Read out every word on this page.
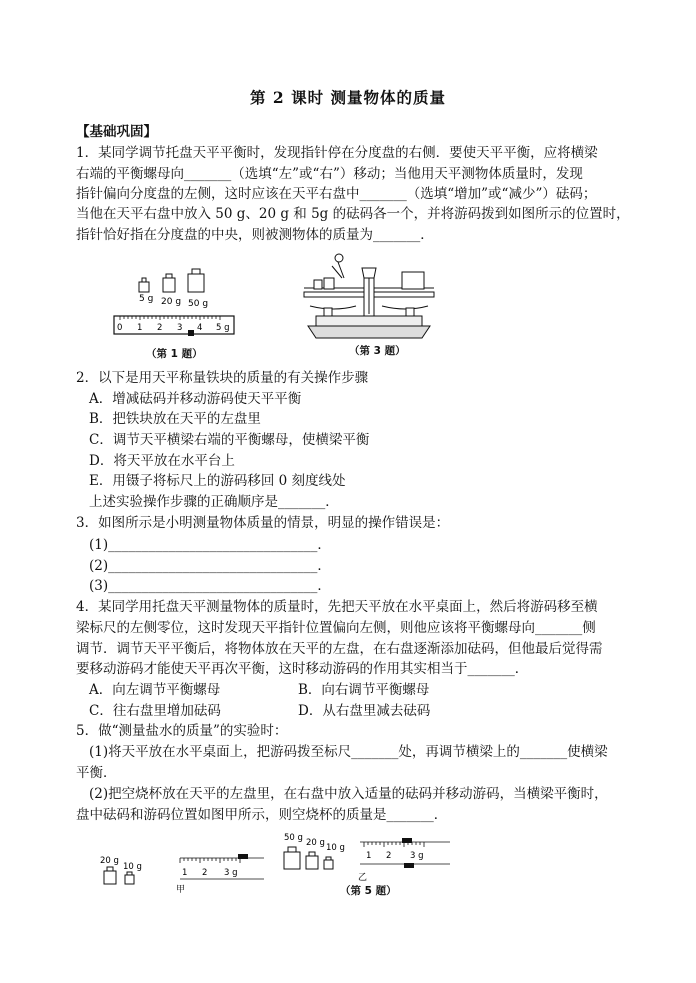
第 2 课时 测量物体的质量
【基础巩固】
1．某同学调节托盘天平平衡时，发现指针停在分度盘的右侧．要使天平平衡，应将横梁
右端的平衡螺母向_______（选填“左”或“右”）移动；当他用天平测物体质量时，发现
指针偏向分度盘的左侧，这时应该在天平右盘中_______（选填“增加”或“减少”）砝码；
当他在天平右盘中放入 50 g、20 g 和 5g 的砝码各一个，并将游码拨到如图所示的位置时，
指针恰好指在分度盘的中央，则被测物体的质量为_______．
5 g 20 g 50 g
0 1 2 3 4 5 g
（第 1 题）	（第 3 题）
2．以下是用天平称量铁块的质量的有关操作步骤
A．增减砝码并移动游码使天平平衡
B．把铁块放在天平的左盘里
C．调节天平横梁右端的平衡螺母，使横梁平衡
D．将天平放在水平台上
E．用镊子将标尺上的游码移回 0 刻度线处
上述实验操作步骤的正确顺序是_______．
3．如图所示是小明测量物体质量的情景，明显的操作错误是：
(1)_______________________________．
(2)_______________________________．
(3)_______________________________．
4．某同学用托盘天平测量物体的质量时，先把天平放在水平桌面上，然后将游码移至横
梁标尺的左侧零位，这时发现天平指针位置偏向左侧，则他应该将平衡螺母向_______侧
调节．调节天平平衡后，将物体放在天平的左盘，在右盘逐渐添加砝码，但他最后觉得需
要移动游码才能使天平再次平衡，这时移动游码的作用其实相当于_______．
A．向左调节平衡螺母	B．向右调节平衡螺母
C．往右盘里增加砝码	D．从右盘里减去砝码
5．做“测量盐水的质量”的实验时：
(1)将天平放在水平桌面上，把游码拨至标尺_______处，再调节横梁上的_______使横梁
平衡．
(2)把空烧杯放在天平的左盘里，在右盘中放入适量的砝码并移动游码，当横梁平衡时，
盘中砝码和游码位置如图甲所示，则空烧杯的质量是_______．
20 g
10 g
1 2 3 g
甲
50 g 20 g 10 g
1 2 3 g
乙
（第 5 题）
